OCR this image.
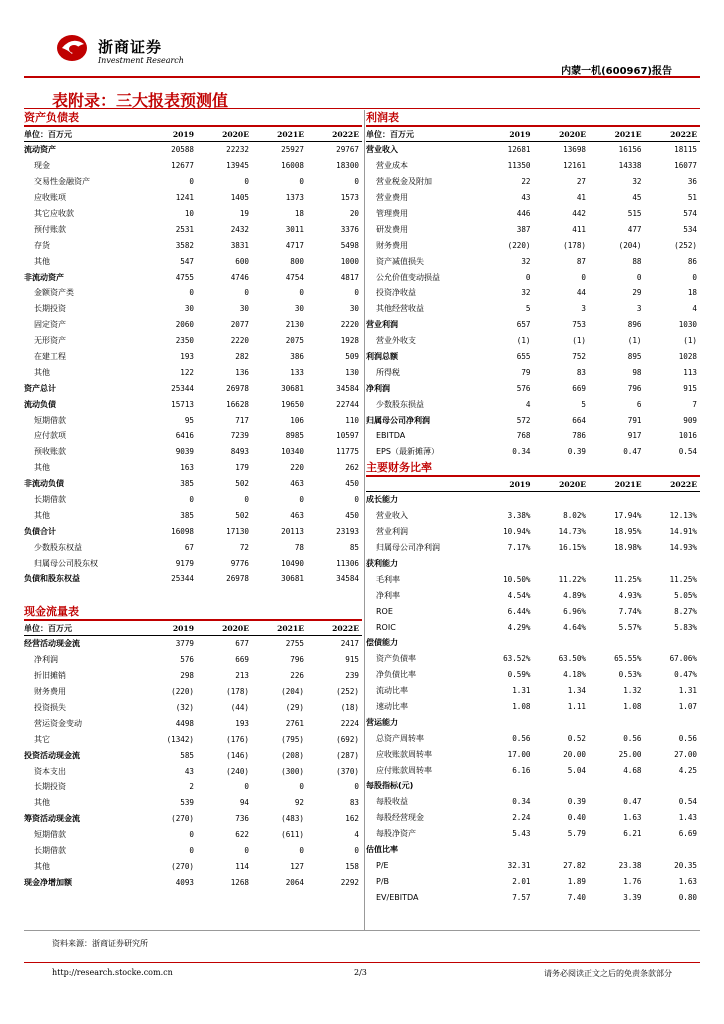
浙商证券
Investment Research
内蒙一机(600967)报告
表附录：三大报表预测值
资产负债表
单位：百万元	2019	2020E	2021E	2022E
流动资产	20588	22232	25927	29767
现金	12677	13945	16008	18300
交易性金融资产	0	0	0	0
应收账项	1241	1405	1373	1573
其它应收款	10	19	18	20
预付账款	2531	2432	3011	3376
存货	3582	3831	4717	5498
其他	547	600	800	1000
非流动资产	4755	4746	4754	4817
金额资产类	0	0	0	0
长期投资	30	30	30	30
固定资产	2060	2077	2130	2220
无形资产	2350	2220	2075	1928
在建工程	193	282	386	509
其他	122	136	133	130
资产总计	25344	26978	30681	34584
流动负债	15713	16628	19650	22744
短期借款	95	717	106	110
应付款项	6416	7239	8985	10597
预收账款	9039	8493	10340	11775
其他	163	179	220	262
非流动负债	385	502	463	450
长期借款	0	0	0	0
其他	385	502	463	450
负债合计	16098	17130	20113	23193
少数股东权益	67	72	78	85
归属母公司股东权	9179	9776	10490	11306
负债和股东权益	25344	26978	30681	34584
现金流量表
单位：百万元	2019	2020E	2021E	2022E
经营活动现金流	3779	677	2755	2417
净利润	576	669	796	915
折旧摊销	298	213	226	239
财务费用	(220)	(178)	(204)	(252)
投资损失	(32)	(44)	(29)	(18)
营运资金变动	4498	193	2761	2224
其它	(1342)	(176)	(795)	(692)
投资活动现金流	585	(146)	(208)	(287)
资本支出	43	(240)	(300)	(370)
长期投资	2	0	0	0
其他	539	94	92	83
筹资活动现金流	(270)	736	(483)	162
短期借款	0	622	(611)	4
长期借款	0	0	0	0
其他	(270)	114	127	158
现金净增加额	4093	1268	2064	2292
利润表
单位：百万元	2019	2020E	2021E	2022E
营业收入	12681	13698	16156	18115
营业成本	11350	12161	14338	16077
营业税金及附加	22	27	32	36
营业费用	43	41	45	51
管理费用	446	442	515	574
研发费用	387	411	477	534
财务费用	(220)	(178)	(204)	(252)
资产减值损失	32	87	88	86
公允价值变动损益	0	0	0	0
投资净收益	32	44	29	18
其他经营收益	5	3	3	4
营业利润	657	753	896	1030
营业外收支	(1)	(1)	(1)	(1)
利润总额	655	752	895	1028
所得税	79	83	98	113
净利润	576	669	796	915
少数股东损益	4	5	6	7
归属母公司净利润	572	664	791	909
EBITDA	768	786	917	1016
EPS（最新摊薄）	0.34	0.39	0.47	0.54
主要财务比率
	2019	2020E	2021E	2022E
成长能力				
营业收入	3.38%	8.02%	17.94%	12.13%
营业利润	10.94%	14.73%	18.95%	14.91%
归属母公司净利润	7.17%	16.15%	18.98%	14.93%
获利能力				
毛利率	10.50%	11.22%	11.25%	11.25%
净利率	4.54%	4.89%	4.93%	5.05%
ROE	6.44%	6.96%	7.74%	8.27%
ROIC	4.29%	4.64%	5.57%	5.83%
偿债能力				
资产负债率	63.52%	63.50%	65.55%	67.06%
净负债比率	0.59%	4.18%	0.53%	0.47%
流动比率	1.31	1.34	1.32	1.31
速动比率	1.08	1.11	1.08	1.07
营运能力				
总资产周转率	0.56	0.52	0.56	0.56
应收账款周转率	17.00	20.00	25.00	27.00
应付账款周转率	6.16	5.04	4.68	4.25
每股指标(元)				
每股收益	0.34	0.39	0.47	0.54
每股经营现金	2.24	0.40	1.63	1.43
每股净资产	5.43	5.79	6.21	6.69
估值比率				
P/E	32.31	27.82	23.38	20.35
P/B	2.01	1.89	1.76	1.63
EV/EBITDA	7.57	7.40	3.39	0.80
资料来源：浙商证券研究所
http://research.stocke.com.cn	2/3	请务必阅读正文之后的免责条款部分
